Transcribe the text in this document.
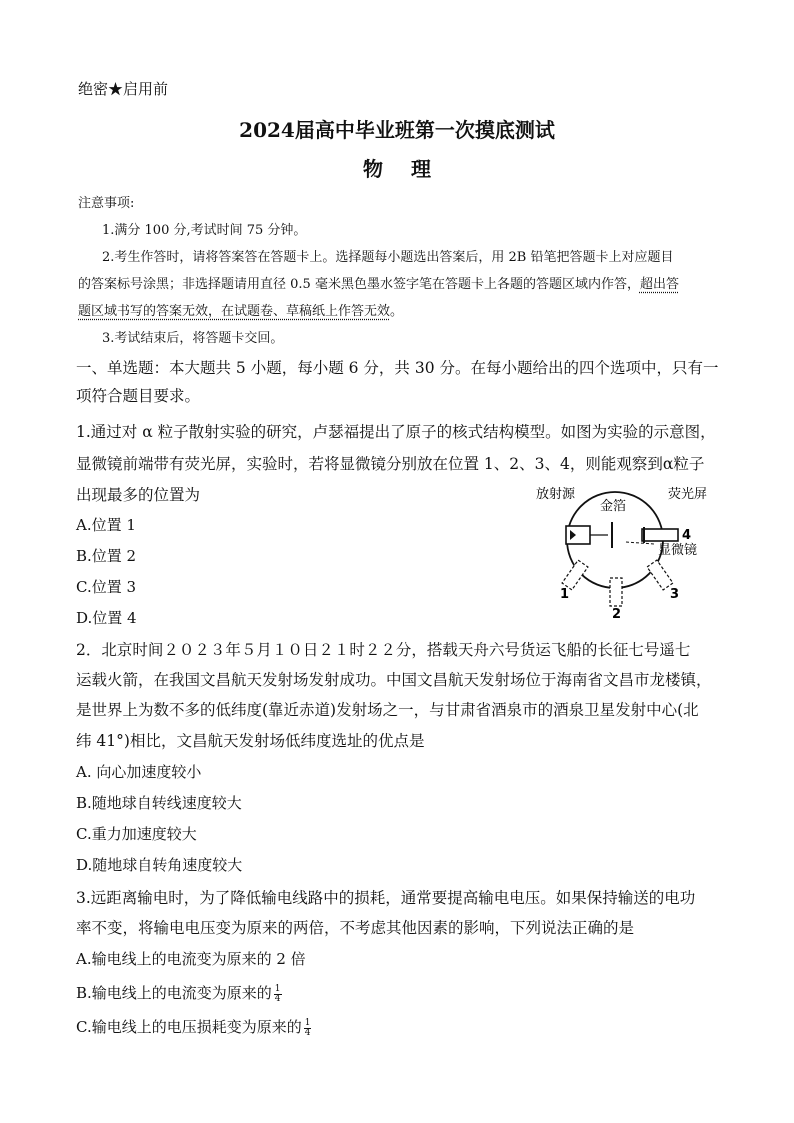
绝密★启用前
2024届高中毕业班第一次摸底测试
物理
注意事项:
1.满分 100 分,考试时间 75 分钟。
2.考生作答时，请将答案答在答题卡上。选择题每小题选出答案后，用 2B 铅笔把答题卡上对应题目
的答案标号涂黑；非选择题请用直径 0.5 毫米黑色墨水签字笔在答题卡上各题的答题区域内作答，超出答
题区域书写的答案无效，在试题卷、草稿纸上作答无效。
3.考试结束后，将答题卡交回。
一、单选题：本大题共 5 小题，每小题 6 分，共 30 分。在每小题给出的四个选项中，只有一
项符合题目要求。
1.通过对 α 粒子散射实验的研究，卢瑟福提出了原子的核式结构模型。如图为实验的示意图，
显微镜前端带有荧光屏，实验时，若将显微镜分别放在位置 1、2、3、4，则能观察到α粒子
出现最多的位置为
A.位置 1
B.位置 2
C.位置 3
D.位置 4
放射源
金箔
荧光屏
显微镜
4
1
2
3
2．北京时间２０２３年５月１０日２１时２２分，搭载天舟六号货运飞船的长征七号遥七
运载火箭，在我国文昌航天发射场发射成功。中国文昌航天发射场位于海南省文昌市龙楼镇，
是世界上为数不多的低纬度(靠近赤道)发射场之一，与甘肃省酒泉市的酒泉卫星发射中心(北
纬 41°)相比，文昌航天发射场低纬度选址的优点是
A. 向心加速度较小
B.随地球自转线速度较大
C.重力加速度较大
D.随地球自转角速度较大
3.远距离输电时，为了降低输电线路中的损耗，通常要提高输电电压。如果保持输送的电功
率不变，将输电电压变为原来的两倍，不考虑其他因素的影响，下列说法正确的是
A.输电线上的电流变为原来的 2 倍
B.输电线上的电流变为原来的 $\frac{1}{4}$
C.输电线上的电压损耗变为原来的 $\frac{1}{4}$
